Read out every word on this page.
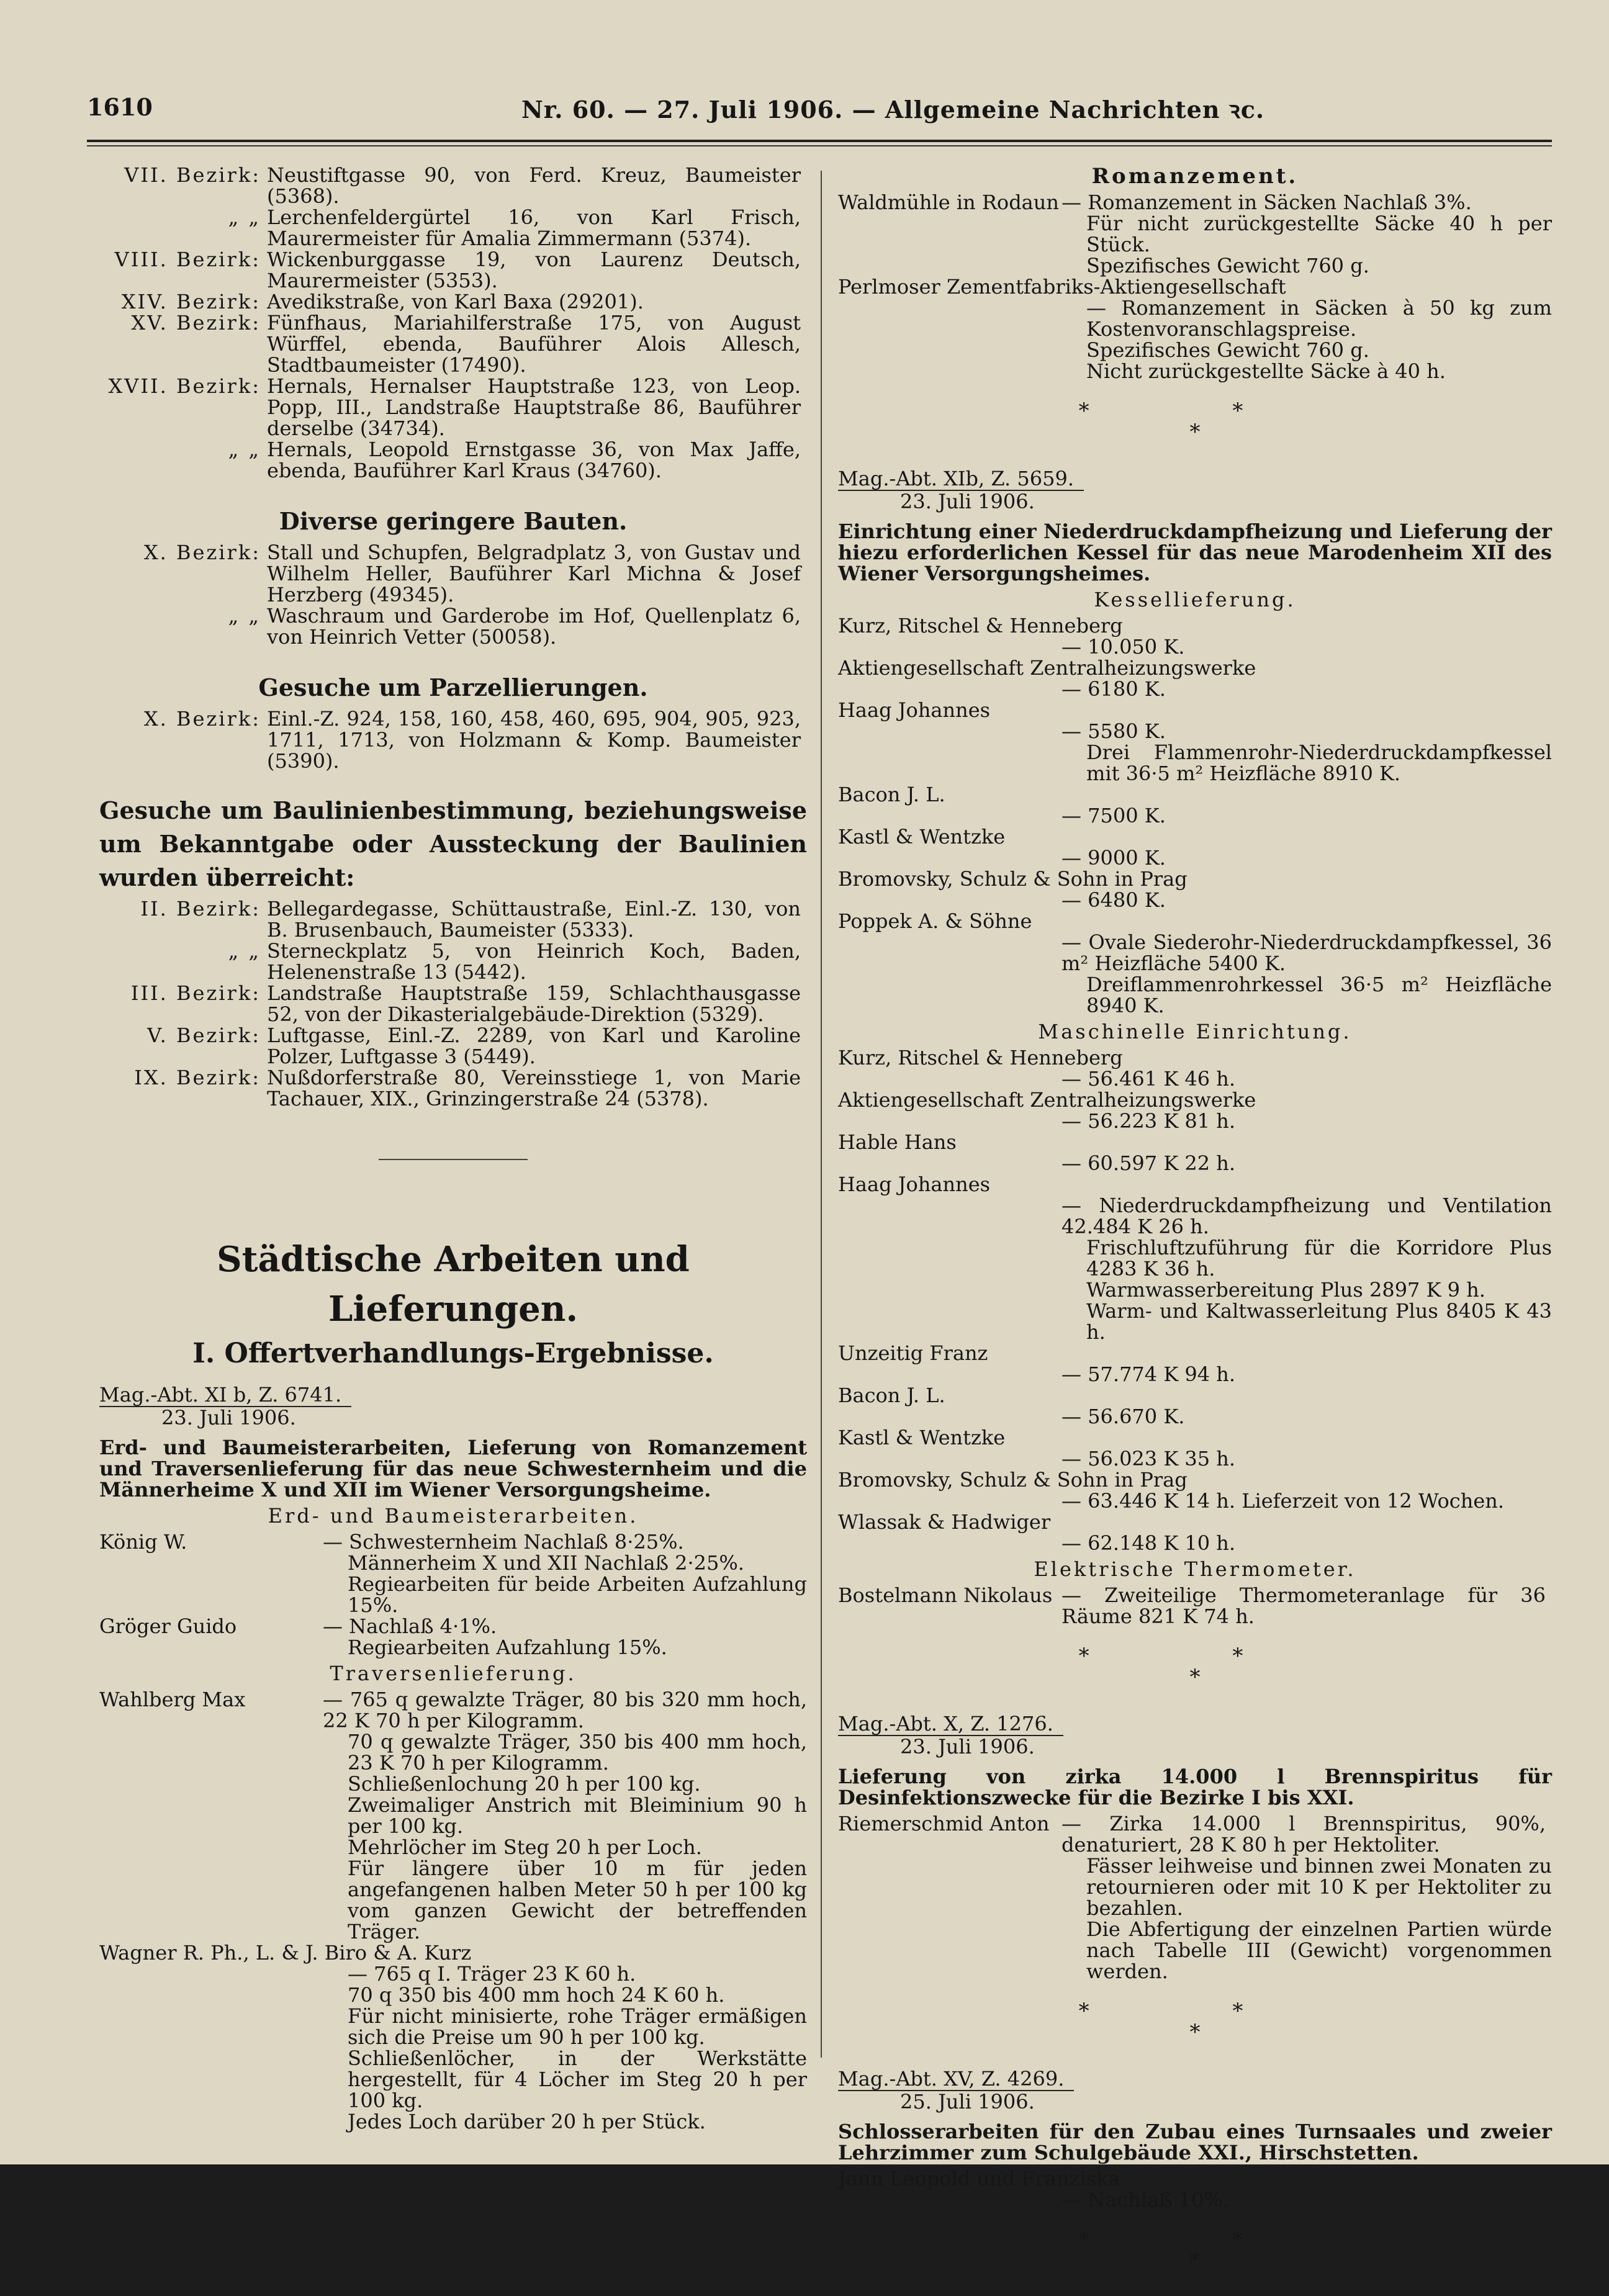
1610	Nr. 60. — 27. Juli 1906. — Allgemeine Nachrichten ꝛc.
VII. Bezirk: Neustiftgasse 90, von Ferd. Kreuz, Baumeister (5368).
„ „ Lerchenfeldergürtel 16, von Karl Frisch, Maurermeister für Amalia Zimmermann (5374).
VIII. Bezirk: Wickenburggasse 19, von Laurenz Deutsch, Maurermeister (5353).
XIV. Bezirk: Avedikstraße, von Karl Baxa (29201).
XV. Bezirk: Fünfhaus, Mariahilferstraße 175, von August Würffel, ebenda, Bauführer Alois Allesch, Stadtbaumeister (17490).
XVII. Bezirk: Hernals, Hernalser Hauptstraße 123, von Leop. Popp, III., Landstraße Hauptstraße 86, Bauführer derselbe (34734).
„ „ Hernals, Leopold Ernstgasse 36, von Max Jaffe, ebenda, Bauführer Karl Kraus (34760).
Diverse geringere Bauten.
X. Bezirk: Stall und Schupfen, Belgradplatz 3, von Gustav und Wilhelm Heller, Bauführer Karl Michna & Josef Herzberg (49345).
„ „ Waschraum und Garderobe im Hof, Quellenplatz 6, von Heinrich Vetter (50058).
Gesuche um Parzellierungen.
X. Bezirk: Einl.-Z. 924, 158, 160, 458, 460, 695, 904, 905, 923, 1711, 1713, von Holzmann & Komp. Baumeister (5390).
Gesuche um Baulinienbestimmung, beziehungsweise um Bekanntgabe oder Aussteckung der Baulinien wurden überreicht:
II. Bezirk: Bellegardegasse, Schüttaustraße, Einl.-Z. 130, von B. Brusenbauch, Baumeister (5333).
„ „ Sterneckplatz 5, von Heinrich Koch, Baden, Helenenstraße 13 (5442).
III. Bezirk: Landstraße Hauptstraße 159, Schlachthausgasse 52, von der Dikasterialgebäude-Direktion (5329).
V. Bezirk: Luftgasse, Einl.-Z. 2289, von Karl und Karoline Polzer, Luftgasse 3 (5449).
IX. Bezirk: Nußdorferstraße 80, Vereinsstiege 1, von Marie Tachauer, XIX., Grinzingerstraße 24 (5378).
Städtische Arbeiten und Lieferungen.
I. Offertverhandlungs-Ergebnisse.
Mag.-Abt. XI b, Z. 6741.
23. Juli 1906.
Erd- und Baumeisterarbeiten, Lieferung von Romanzement und Traversenlieferung für das neue Schwesternheim und die Männerheime X und XII im Wiener Versorgungsheime.
Erd- und Baumeisterarbeiten.
König W.	— Schwesternheim Nachlaß 8·25%.
Männerheim X und XII Nachlaß 2·25%.
Regiearbeiten für beide Arbeiten Aufzahlung 15%.
Gröger Guido	— Nachlaß 4·1%.
Regiearbeiten Aufzahlung 15%.
Traversenlieferung.
Wahlberg Max	— 765 q gewalzte Träger, 80 bis 320 mm hoch, 22 K 70 h per Kilogramm.
70 q gewalzte Träger, 350 bis 400 mm hoch, 23 K 70 h per Kilogramm.
Schließenlochung 20 h per 100 kg.
Zweimaliger Anstrich mit Bleiminium 90 h per 100 kg.
Mehrlöcher im Steg 20 h per Loch.
Für längere über 10 m für jeden angefangenen halben Meter 50 h per 100 kg vom ganzen Gewicht der betreffenden Träger.
Wagner R. Ph., L. & J. Biro & A. Kurz
— 765 q I. Träger 23 K 60 h.
70 q 350 bis 400 mm hoch 24 K 60 h.
Für nicht minisierte, rohe Träger ermäßigen sich die Preise um 90 h per 100 kg.
Schließenlöcher, in der Werkstätte hergestellt, für 4 Löcher im Steg 20 h per 100 kg.
Jedes Loch darüber 20 h per Stück.
Romanzement.
Waldmühle in Rodaun — Romanzement in Säcken Nachlaß 3%.
Für nicht zurückgestellte Säcke 40 h per Stück.
Spezifisches Gewicht 760 g.
Perlmoser Zementfabriks-Aktiengesellschaft
— Romanzement in Säcken à 50 kg zum Kostenvoranschlagspreise.
Spezifisches Gewicht 760 g.
Nicht zurückgestellte Säcke à 40 h.
* *
*
Mag.-Abt. XIb, Z. 5659.
23. Juli 1906.
Einrichtung einer Niederdruckdampfheizung und Lieferung der hiezu erforderlichen Kessel für das neue Marodenheim XII des Wiener Versorgungsheimes.
Kessellieferung.
Kurz, Ritschel & Henneberg
— 10.050 K.
Aktiengesellschaft Zentralheizungswerke
— 6180 K.
Haag Johannes
— 5580 K.
Drei Flammenrohr-Niederdruckdampfkessel mit 36·5 m² Heizfläche 8910 K.
Bacon J. L.
— 7500 K.
Kastl & Wentzke
— 9000 K.
Bromovsky, Schulz & Sohn in Prag
— 6480 K.
Poppek A. & Söhne
— Ovale Siederohr-Niederdruckdampfkessel, 36 m² Heizfläche 5400 K.
Dreiflammenrohrkessel 36·5 m² Heizfläche 8940 K.
Maschinelle Einrichtung.
Kurz, Ritschel & Henneberg
— 56.461 K 46 h.
Aktiengesellschaft Zentralheizungswerke
— 56.223 K 81 h.
Hable Hans
— 60.597 K 22 h.
Haag Johannes
— Niederdruckdampfheizung und Ventilation 42.484 K 26 h.
Frischluftzuführung für die Korridore Plus 4283 K 36 h.
Warmwasserbereitung Plus 2897 K 9 h.
Warm- und Kaltwasserleitung Plus 8405 K 43 h.
Unzeitig Franz
— 57.774 K 94 h.
Bacon J. L.
— 56.670 K.
Kastl & Wentzke
— 56.023 K 35 h.
Bromovsky, Schulz & Sohn in Prag
— 63.446 K 14 h. Lieferzeit von 12 Wochen.
Wlassak & Hadwiger
— 62.148 K 10 h.
Elektrische Thermometer.
Bostelmann Nikolaus — Zweiteilige Thermometeranlage für 36 Räume 821 K 74 h.
* *
*
Mag.-Abt. X, Z. 1276.
23. Juli 1906.
Lieferung von zirka 14.000 l Brennspiritus für Desinfektionszwecke für die Bezirke I bis XXI.
Riemerschmid Anton — Zirka 14.000 l Brennspiritus, 90%, denaturiert, 28 K 80 h per Hektoliter.
Fässer leihweise und binnen zwei Monaten zu retournieren oder mit 10 K per Hektoliter zu bezahlen.
Die Abfertigung der einzelnen Partien würde nach Tabelle III (Gewicht) vorgenommen werden.
* *
*
Mag.-Abt. XV, Z. 4269.
25. Juli 1906.
Schlosserarbeiten für den Zubau eines Turnsaales und zweier Lehrzimmer zum Schulgebäude XXI., Hirschstetten.
Jann Leopold und Franziska
— Nachlaß 10%.
* *
*
